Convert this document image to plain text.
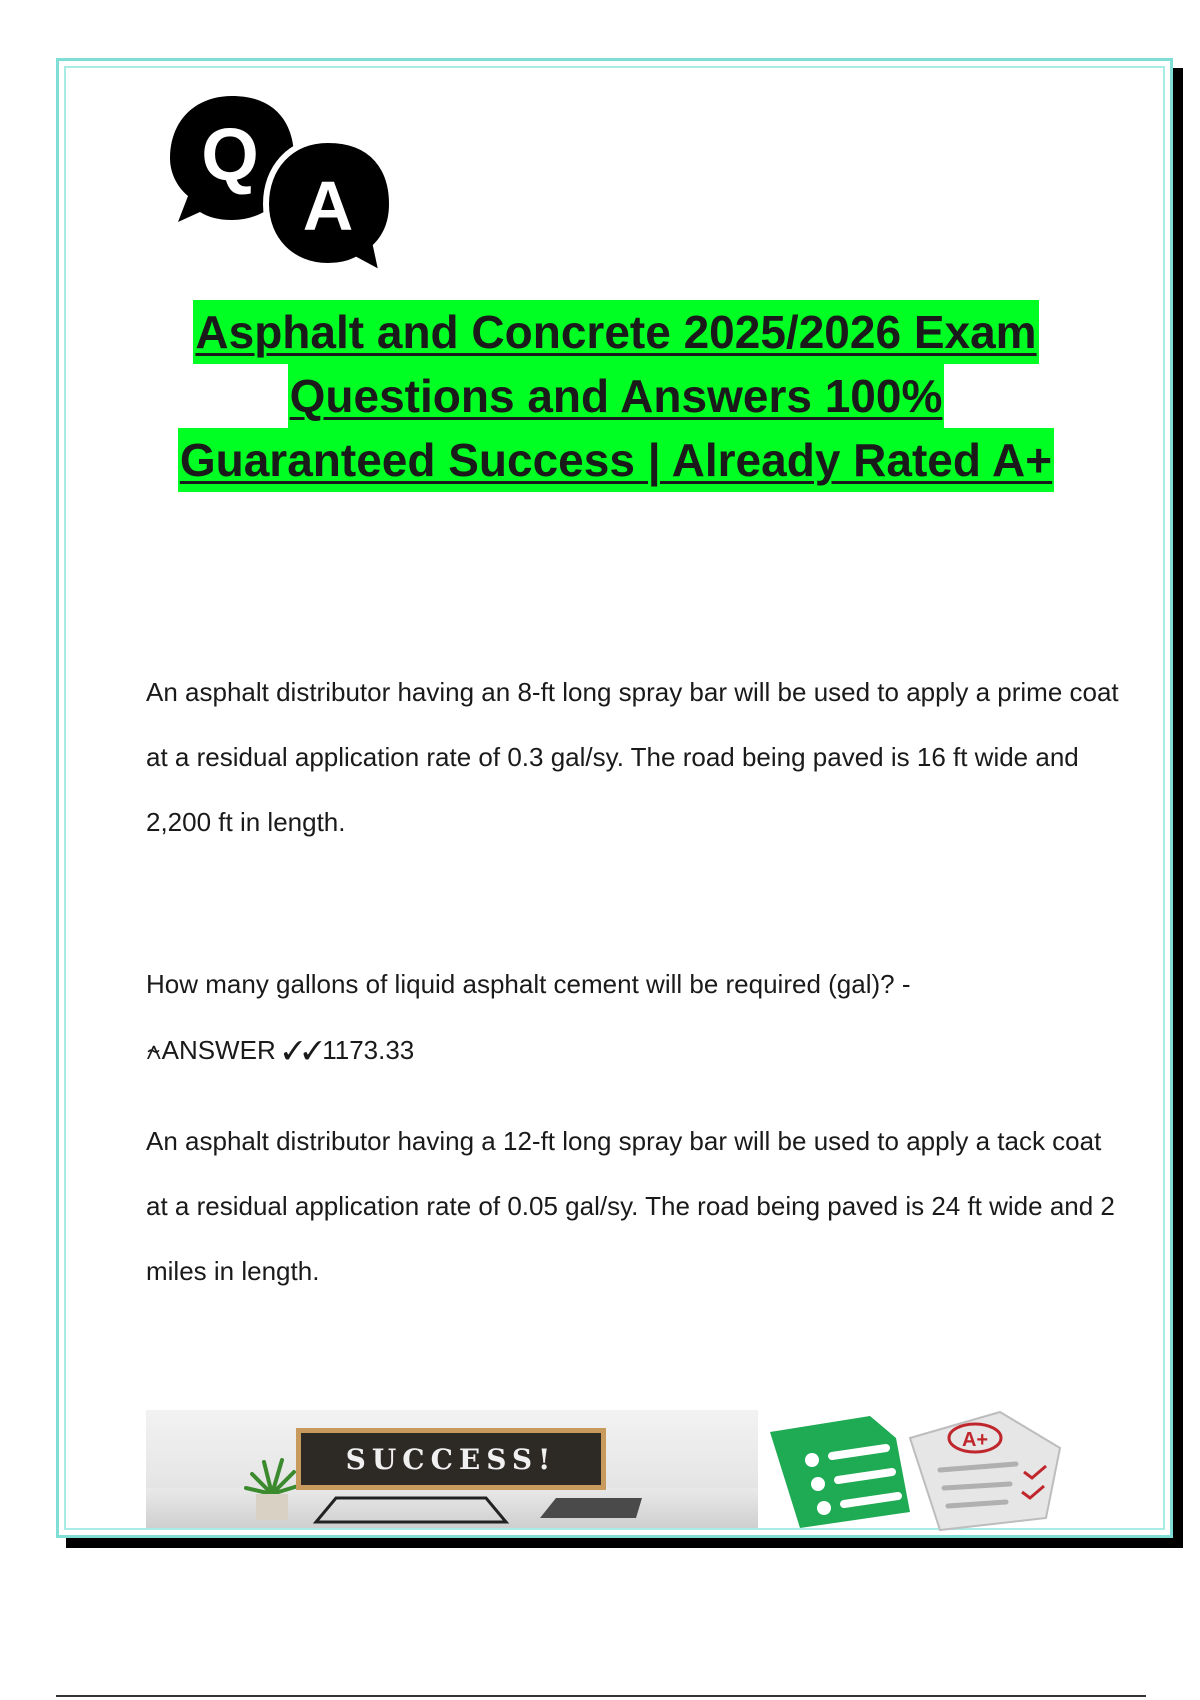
Q
A
Asphalt and Concrete 2025/2026 Exam
Questions and Answers 100%
Guaranteed Success | Already Rated A+
An asphalt distributor having an 8-ft long spray bar will be used to apply a prime coat at a residual application rate of 0.3 gal/sy. The road being paved is 16 ft wide and 2,200 ft in length.
How many gallons of liquid asphalt cement will be required (gal)? -
⍲ANSWER ✓✓1173.33
An asphalt distributor having a 12-ft long spray bar will be used to apply a tack coat at a residual application rate of 0.05 gal/sy. The road being paved is 24 ft wide and 2 miles in length.
SUCCESS!
A+
